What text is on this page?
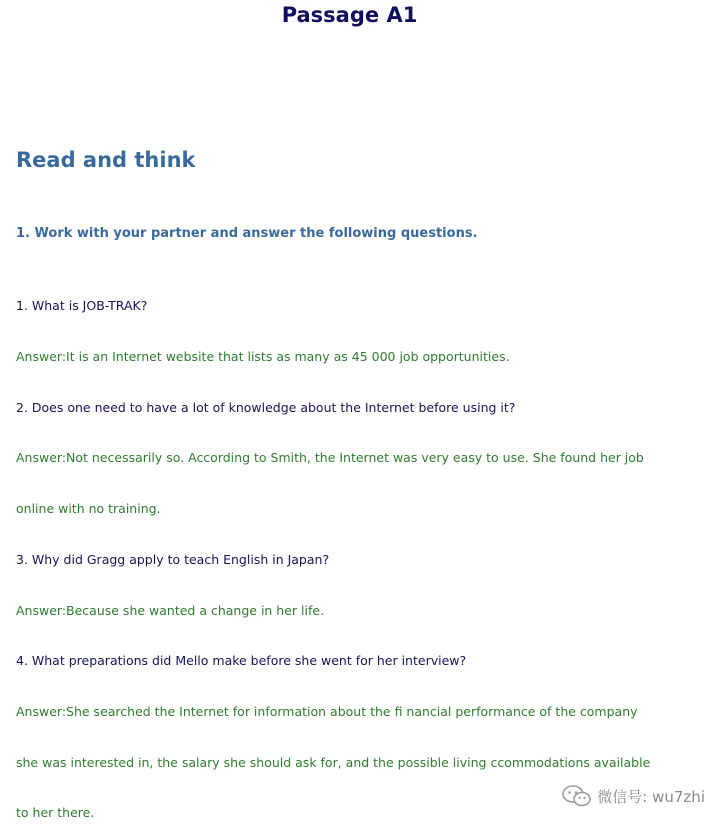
Passage A1
Read and think
1. Work with your partner and answer the following questions.
1. What is JOB-TRAK?
Answer:It is an Internet website that lists as many as 45 000 job opportunities.
2. Does one need to have a lot of knowledge about the Internet before using it?
Answer:Not necessarily so. According to Smith, the Internet was very easy to use. She found her job
online with no training.
3. Why did Gragg apply to teach English in Japan?
Answer:Because she wanted a change in her life.
4. What preparations did Mello make before she went for her interview?
Answer:She searched the Internet for information about the fi nancial performance of the company
she was interested in, the salary she should ask for, and the possible living ccommodations available
to her there.
微信号: wu7zhi
